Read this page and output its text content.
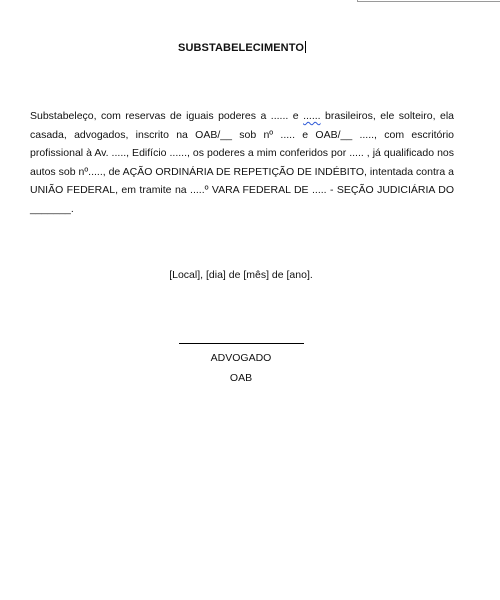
SUBSTABELECIMENTO
Substabeleço, com reservas de iguais poderes a ...... e ...... brasileiros, ele solteiro, ela casada, advogados, inscrito na OAB/__ sob nº ..... e OAB/__ ....., com escritório profissional à Av. ....., Edifício ......, os poderes a mim conferidos por ..... , já qualificado nos autos sob nº....., de AÇÃO ORDINÁRIA DE REPETIÇÃO DE INDÉBITO, intentada contra a UNIÃO FEDERAL, em tramite na .....º VARA FEDERAL DE ..... - SEÇÃO JUDICIÁRIA DO _______.
[Local], [dia] de [mês] de [ano].
ADVOGADO
OAB
